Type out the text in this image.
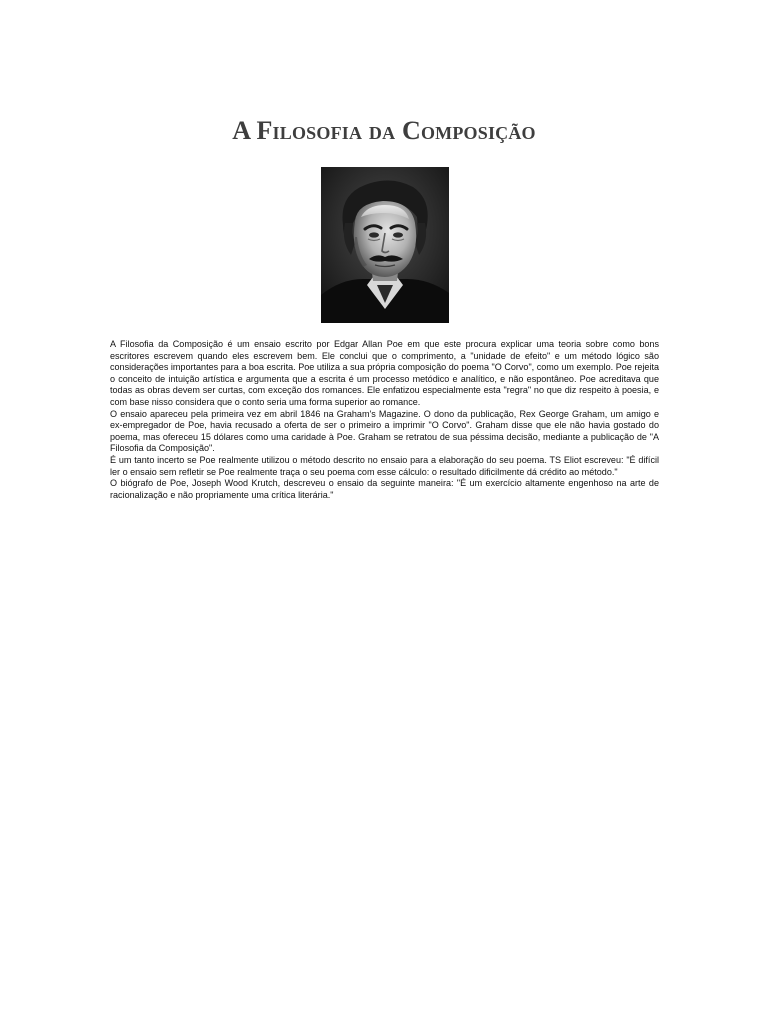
A Filosofia da Composição

A Filosofia da Composição é um ensaio escrito por Edgar Allan Poe em que este procura explicar uma teoria sobre como bons escritores escrevem quando eles escrevem bem. Ele conclui que o comprimento, a "unidade de efeito" e um método lógico são considerações importantes para a boa escrita. Poe utiliza a sua própria composição do poema "O Corvo", como um exemplo. Poe rejeita o conceito de intuição artística e argumenta que a escrita é um processo metódico e analítico, e não espontâneo. Poe acreditava que todas as obras devem ser curtas, com exceção dos romances. Ele enfatizou especialmente esta "regra" no que diz respeito à poesia, e com base nisso considera que o conto seria uma forma superior ao romance.

O ensaio apareceu pela primeira vez em abril 1846 na Graham's Magazine. O dono da publicação, Rex George Graham, um amigo e ex-empregador de Poe, havia recusado a oferta de ser o primeiro a imprimir "O Corvo". Graham disse que ele não havia gostado do poema, mas ofereceu 15 dólares como uma caridade à Poe. Graham se retratou de sua péssima decisão, mediante a publicação de "A Filosofia da Composição".

É um tanto incerto se Poe realmente utilizou o método descrito no ensaio para a elaboração do seu poema. TS Eliot escreveu: "É difícil ler o ensaio sem refletir se Poe realmente traça o seu poema com esse cálculo: o resultado dificilmente dá crédito ao método."

O biógrafo de Poe, Joseph Wood Krutch, descreveu o ensaio da seguinte maneira: "É um exercício altamente engenhoso na arte de racionalização e não propriamente uma crítica literária."
